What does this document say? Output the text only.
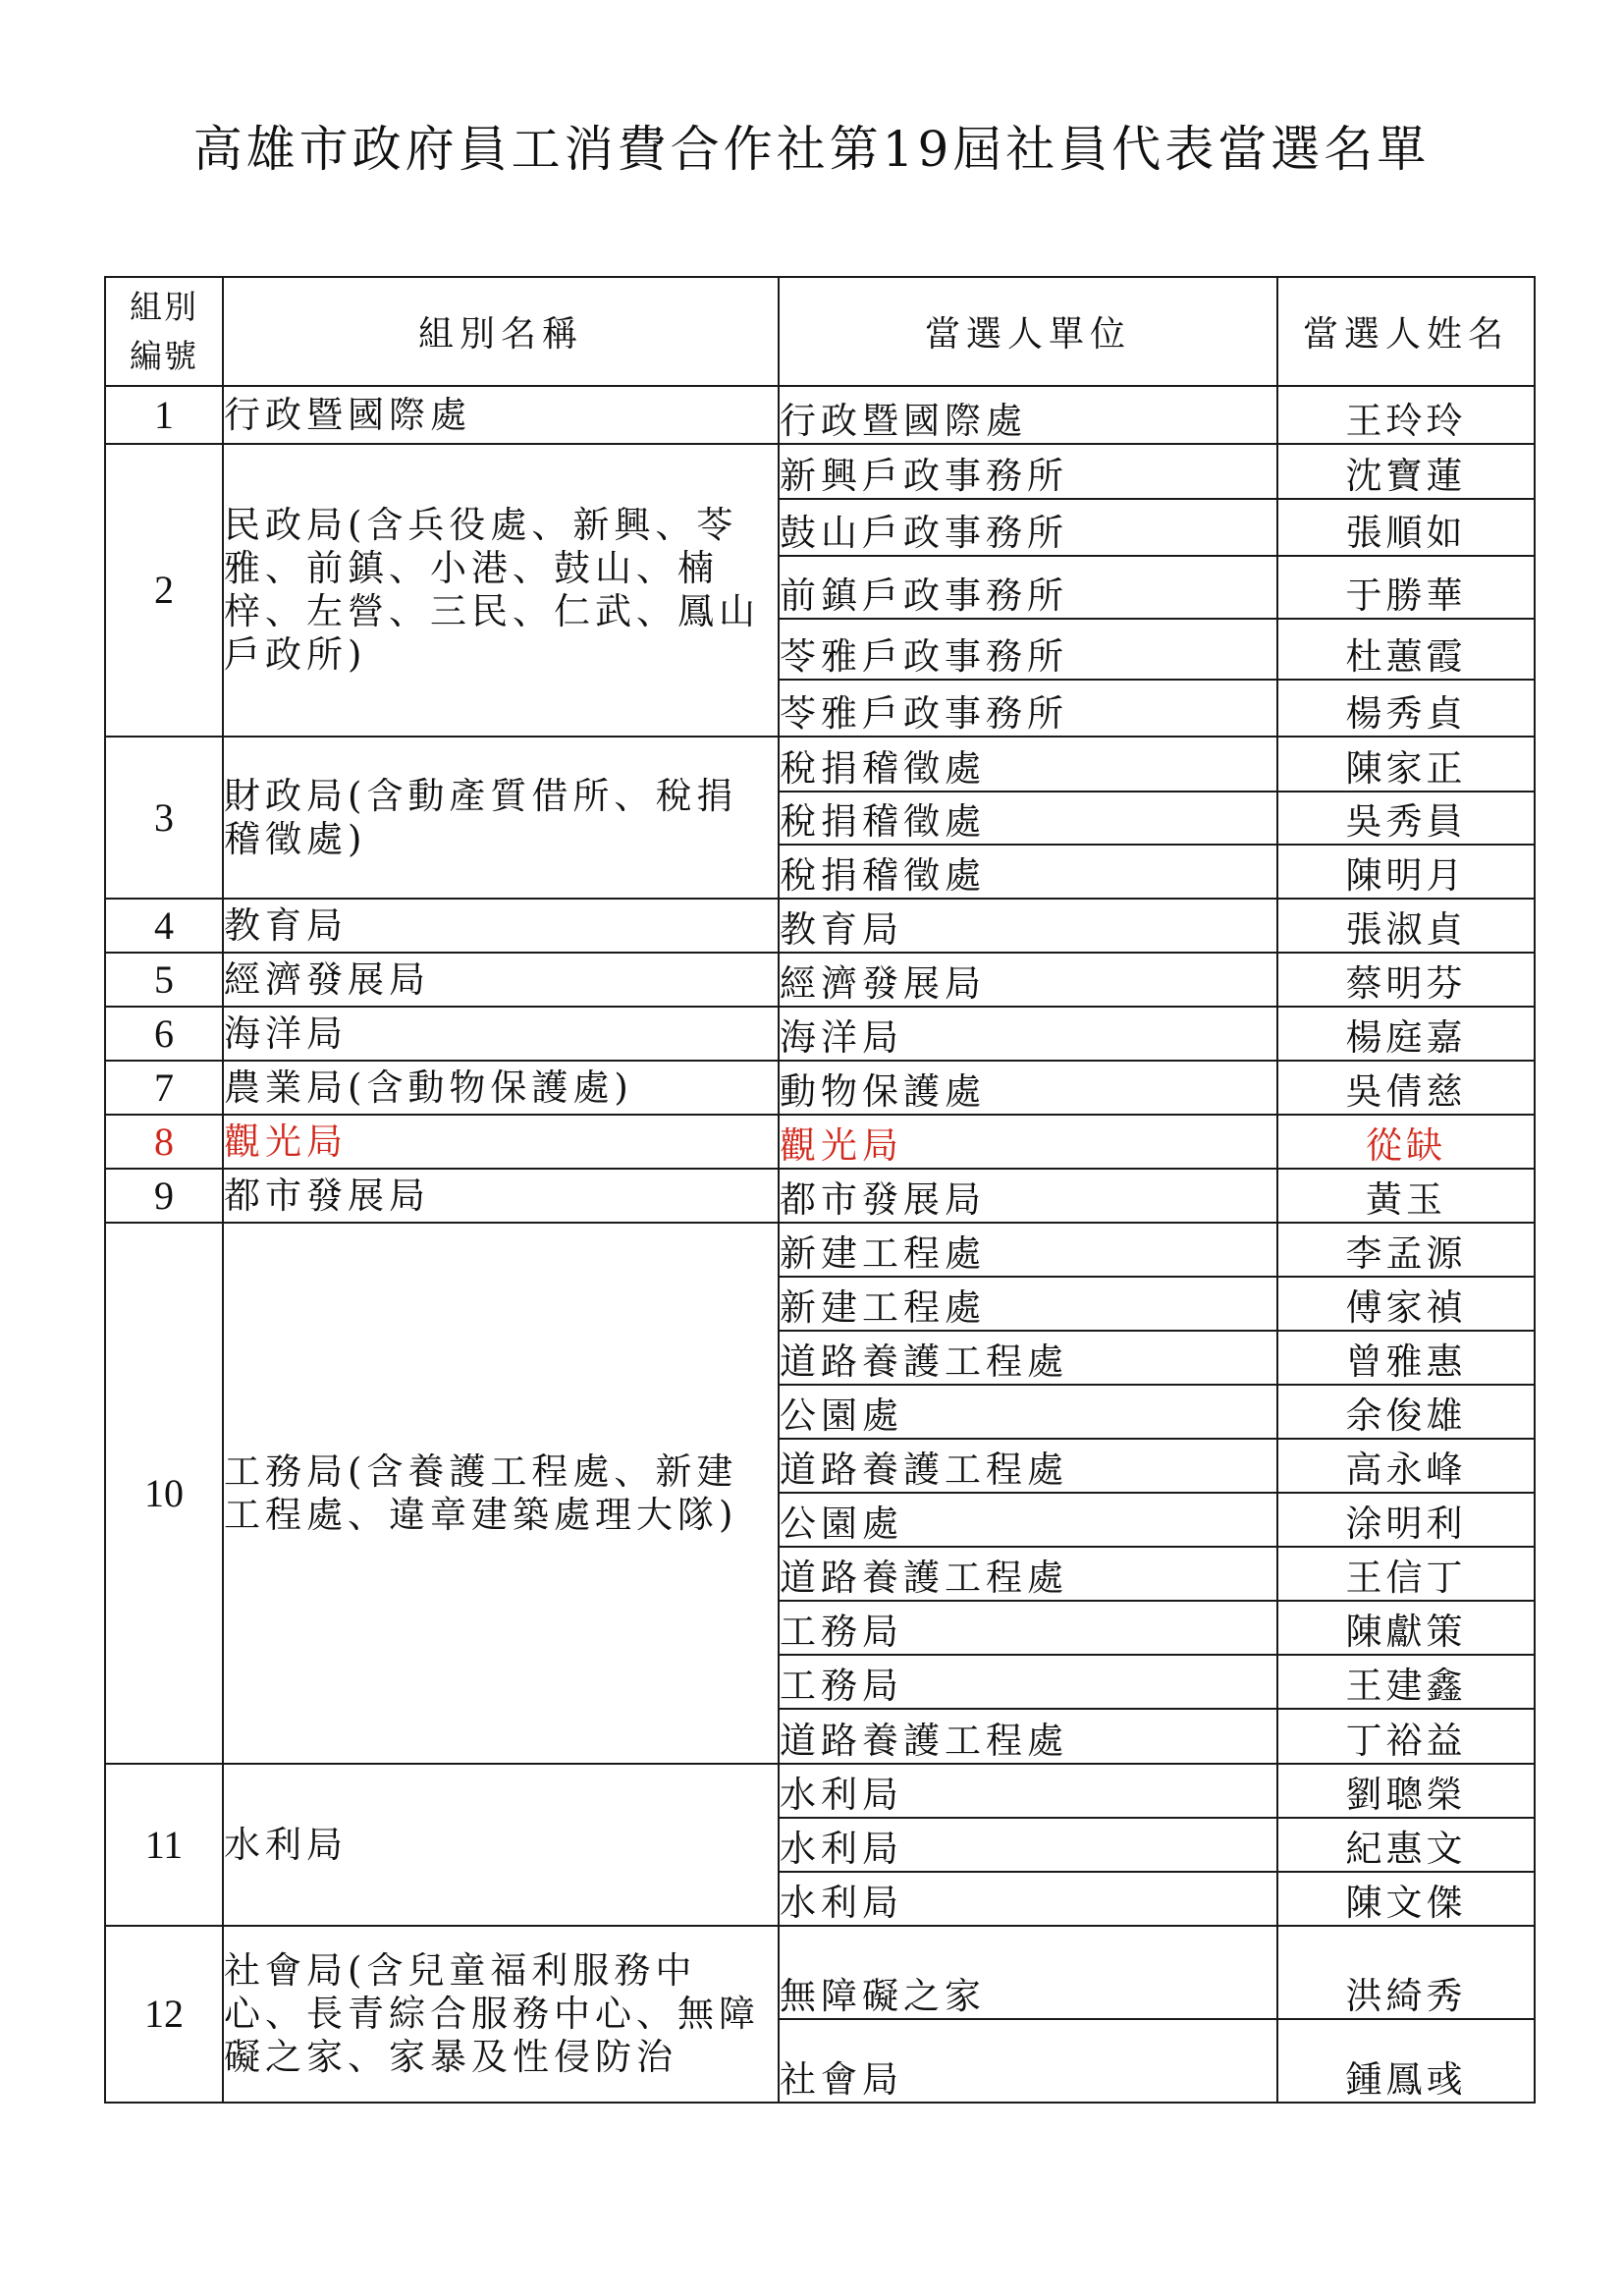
高雄市政府員工消費合作社第19屆社員代表當選名單
組別
編號	組別名稱	當選人單位	當選人姓名
1	行政暨國際處	行政暨國際處	王玲玲
2	民政局(含兵役處、新興、苓雅、前鎮、小港、鼓山、楠梓、左營、三民、仁武、鳳山戶政所)	新興戶政事務所	沈寶蓮
		鼓山戶政事務所	張順如
		前鎮戶政事務所	于勝華
		苓雅戶政事務所	杜蕙霞
		苓雅戶政事務所	楊秀貞
3	財政局(含動產質借所、稅捐稽徵處)	稅捐稽徵處	陳家正
		稅捐稽徵處	吳秀員
		稅捐稽徵處	陳明月
4	教育局	教育局	張淑貞
5	經濟發展局	經濟發展局	蔡明芬
6	海洋局	海洋局	楊庭嘉
7	農業局(含動物保護處)	動物保護處	吳倩慈
8	觀光局	觀光局	從缺
9	都市發展局	都市發展局	黃玉
10	工務局(含養護工程處、新建工程處、違章建築處理大隊)	新建工程處	李孟源
		新建工程處	傅家禎
		道路養護工程處	曾雅惠
		公園處	余俊雄
		道路養護工程處	高永峰
		公園處	涂明利
		道路養護工程處	王信丁
		工務局	陳獻策
		工務局	王建鑫
		道路養護工程處	丁裕益
11	水利局	水利局	劉聰榮
		水利局	紀惠文
		水利局	陳文傑
12	社會局(含兒童福利服務中心、長青綜合服務中心、無障礙之家、家暴及性侵防治	無障礙之家	洪綺秀
		社會局	鍾鳳彧
